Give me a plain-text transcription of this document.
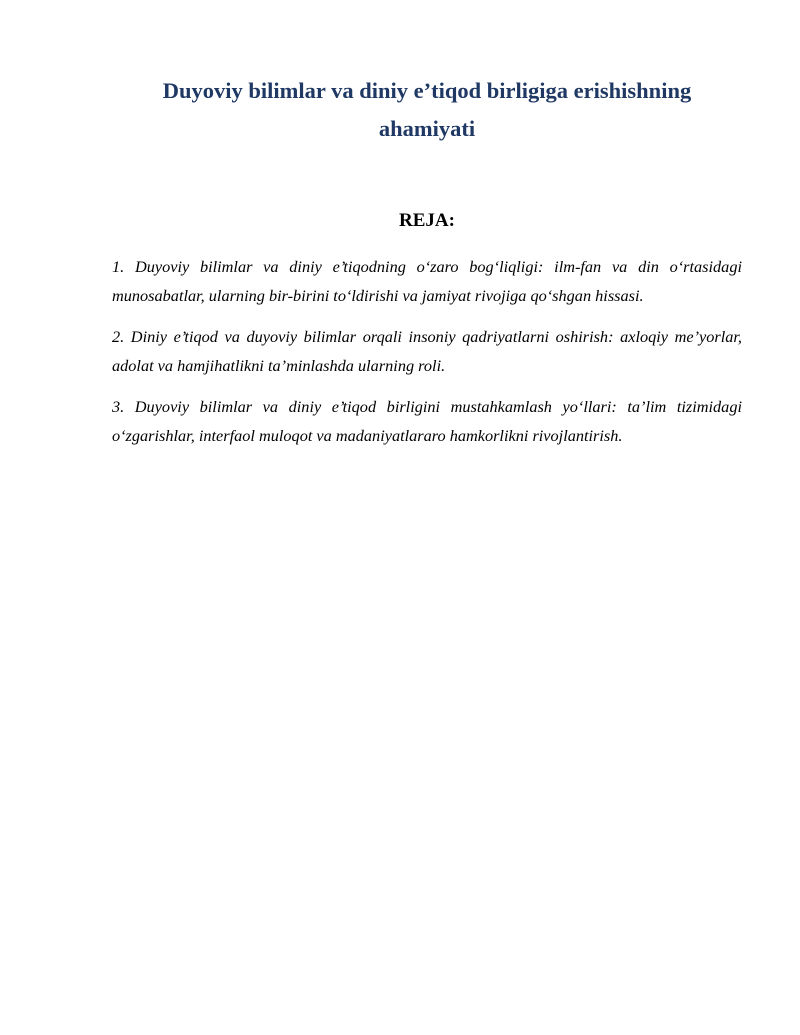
Duyoviy bilimlar va diniy e’tiqod birligiga erishishning
ahamiyati
REJA:
1. Duyoviy bilimlar va diniy e’tiqodning o‘zaro bog‘liqligi: ilm-fan va din o‘rtasidagi munosabatlar, ularning bir-birini to‘ldirishi va jamiyat rivojiga qo‘shgan hissasi.
2. Diniy e’tiqod va duyoviy bilimlar orqali insoniy qadriyatlarni oshirish: axloqiy me’yorlar, adolat va hamjihatlikni ta’minlashda ularning roli.
3. Duyoviy bilimlar va diniy e’tiqod birligini mustahkamlash yo‘llari: ta’lim tizimidagi o‘zgarishlar, interfaol muloqot va madaniyatlararo hamkorlikni rivojlantirish.
